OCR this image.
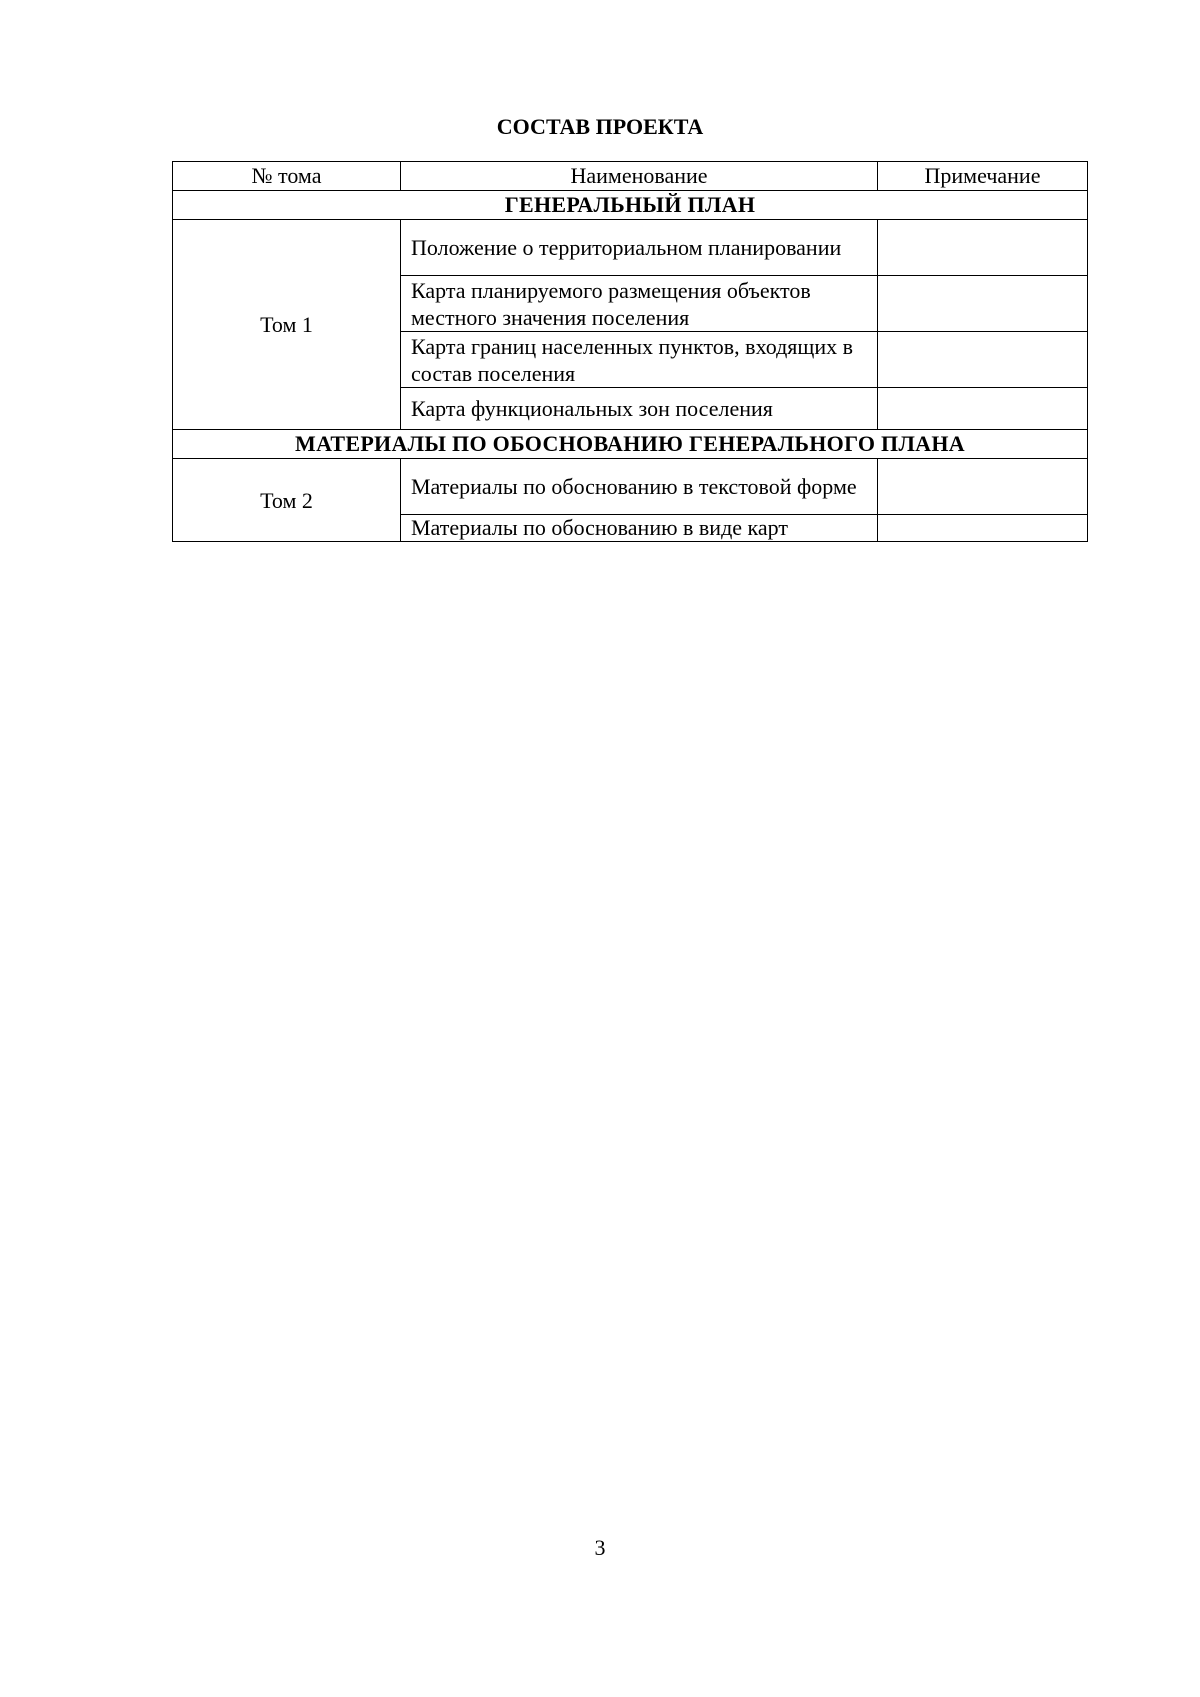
СОСТАВ ПРОЕКТА
№ тома	Наименование	Примечание
ГЕНЕРАЛЬНЫЙ ПЛАН		
Том 1	Положение о территориальном планировании	
	Карта планируемого размещения объектов местного значения поселения	
	Карта границ населенных пунктов, входящих в состав поселения	
	Карта функциональных зон поселения	
МАТЕРИАЛЫ ПО ОБОСНОВАНИЮ ГЕНЕРАЛЬНОГО ПЛАНА		
Том 2	Материалы по обоснованию в текстовой форме	
	Материалы по обоснованию в виде карт	
3
